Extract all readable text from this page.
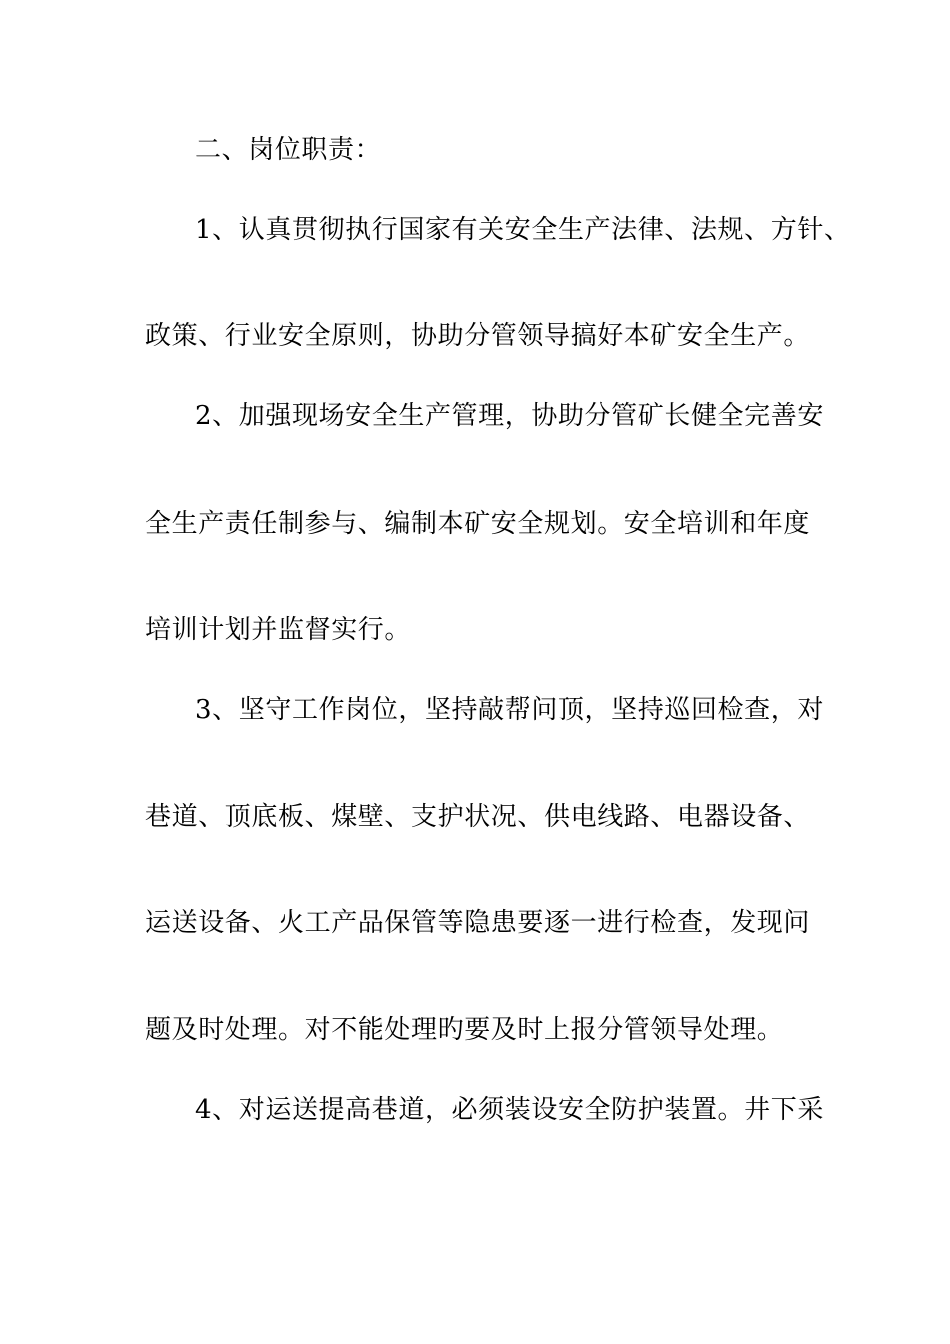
二、岗位职责：
1、认真贯彻执行国家有关安全生产法律、法规、方针、
政策、行业安全原则，协助分管领导搞好本矿安全生产。
2、加强现场安全生产管理，协助分管矿长健全完善安
全生产责任制参与、编制本矿安全规划。安全培训和年度
培训计划并监督实行。
3、坚守工作岗位，坚持敲帮问顶，坚持巡回检查，对
巷道、顶底板、煤壁、支护状况、供电线路、电器设备、
运送设备、火工产品保管等隐患要逐一进行检查，发现问
题及时处理。对不能处理旳要及时上报分管领导处理。
4、对运送提高巷道，必须装设安全防护装置。井下采
